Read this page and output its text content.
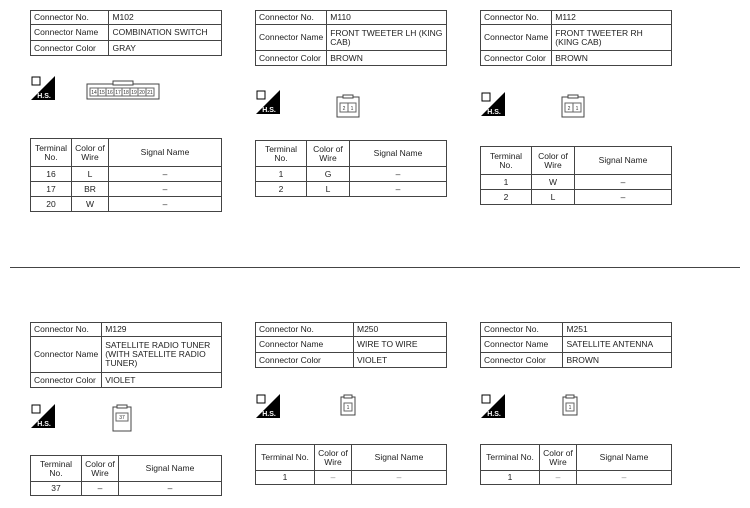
Connector No.	M102
Connector Name	COMBINATION SWITCH
Connector Color	GRAY
H.S.	14 15 16 17 18 19 20 21
Terminal No.	Color of Wire	Signal Name
16	L	–
17	BR	–
20	W	–
Connector No.	M110
Connector Name	FRONT TWEETER LH (KING CAB)
Connector Color	BROWN
H.S.	2 1
Terminal No.	Color of Wire	Signal Name
1	G	–
2	L	–
Connector No.	M112
Connector Name	FRONT TWEETER RH (KING CAB)
Connector Color	BROWN
H.S.	2 1
Terminal No.	Color of Wire	Signal Name
1	W	–
2	L	–
Connector No.	M129
Connector Name	SATELLITE RADIO TUNER (WITH SATELLITE RADIO TUNER)
Connector Color	VIOLET
H.S.
37
Terminal No.	Color of Wire	Signal Name
37	–	–
Connector No.	M250
Connector Name	WIRE TO WIRE
Connector Color	VIOLET
H.S.
1
Terminal No.	Color of Wire	Signal Name
1	–	–
Connector No.	M251
Connector Name	SATELLITE ANTENNA
Connector Color	BROWN
H.S.
1
Terminal No.	Color of Wire	Signal Name
1	–	–
